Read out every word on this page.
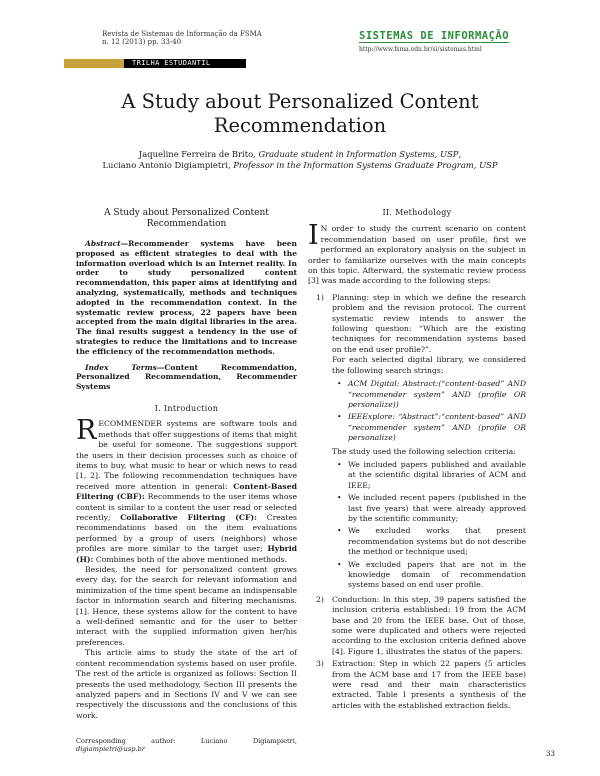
Revista de Sistemas de Informação da FSMA
n. 12 (2013) pp. 33-40	SISTEMAS DE INFORMAÇÃO
http://www.fsma.edu.br/si/sistemas.html
TRILHA ESTUDANTIL
A Study about Personalized Content
Recommendation
Jaqueline Ferreira de Brito, Graduate student in Information Systems, USP,
Luciano Antonio Digiampietri, Professor in the Information Systems Graduate Program, USP
A Study about Personalized Content
Recommendation

Abstract—Recommender systems have been proposed as efficient strategies to deal with the information overload which is an Internet reality. In order to study personalized content recommendation, this paper aims at identifying and analyzing, systematically, methods and techniques adopted in the recommendation context. In the systematic review process, 22 papers have been accepted from the main digital libraries in the area. The final results suggest a tendency in the use of strategies to reduce the limitations and to increase the efficiency of the recommendation methods.

Index Terms—Content Recommendation, Personalized Recommendation, Recommender Systems

I. Introduction

RECOMMENDER systems are software tools and methods that offer suggestions of items that might be useful for someone. The suggestions support the users in their decision processes such as choice of items to buy, what music to hear or which news to read [1, 2]. The following recommendation techniques have received more attention in general: Content-Based Filtering (CBF): Recommends to the user items whose content is similar to a content the user read or selected recently; Collaborative Filtering (CF): Creates recommendations based on the item evaluations performed by a group of users (neighbors) whose profiles are more similar to the target user; Hybrid (H): Combines both of the above mentioned methods.

Besides, the need for personalized content grows every day, for the search for relevant information and minimization of the time spent became an indispensable factor in information search and filtering mechanisms. [1]. Hence, these systems allow for the content to have a well-defined semantic and for the user to better interact with the supplied information given her/his preferences.

This article aims to study the state of the art of content recommendation systems based on user profile. The rest of the article is organized as follows: Section II presents the used methodology, Section III presents the analyzed papers and in Sections IV and V we can see respectively the discussions and the conclusions of this work.

Corresponding author: Luciano Digiampietri, digiampietri@usp.br
II. Methodology

I N order to study the current scenario on content recommendation based on user profile, first we performed an exploratory analysis on the subject in order to familiarize ourselves with the main concepts on this topic. Afterward, the systematic review process [3] was made according to the following steps:

1) Planning: step in which we define the research problem and the revision protocol. The current systematic review intends to answer the following question: “Which are the existing techniques for recommendation systems based on the end user profile?”.

For each selected digital library, we considered the following search strings:

• ACM Digital: Abstract:(“content-based” AND “recommender system” AND (profile OR personalize))
• IEEExplore: “Abstract”:“content-based” AND “recommender system” AND (profile OR personalize)

The study used the following selection criteria:

• We included papers published and available at the scientific digital libraries of ACM and IEEE;
• We included recent papers (published in the last five years) that were already approved by the scientific community;
• We excluded works that present recommendation systems but do not describe the method or technique used;
• We excluded papers that are not in the knowledge domain of recommendation systems based on end user profile.
2) Conduction: In this step, 39 papers satisfied the inclusion criteria established: 19 from the ACM base and 20 from the IEEE base. Out of those, some were duplicated and others were rejected according to the exclusion criteria defined above [4]. Figure 1, illustrates the status of the papers.

3) Extraction: Step in which 22 papers (5 articles from the ACM base and 17 from the IEEE base) were read and their main characteristics extracted. Table I presents a synthesis of the articles with the established extraction fields.

33
